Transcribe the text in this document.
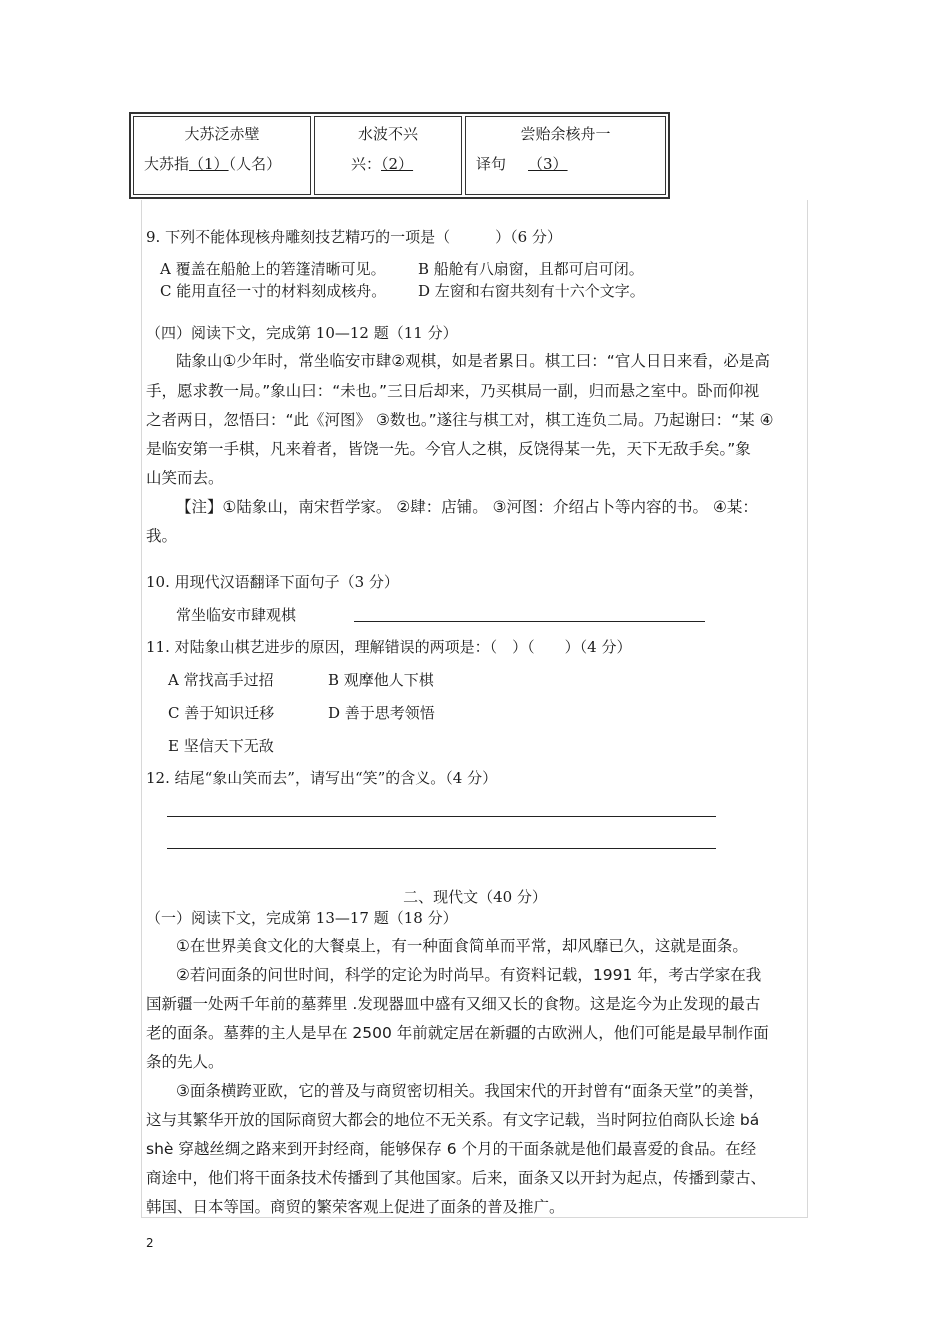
大苏泛赤壁
大苏指（1）（人名）
水波不兴
兴：（2）
尝贻余核舟一
译句 （3）
9. 下列不能体现核舟雕刻技艺精巧的一项是（　　　）（6 分）
A 覆盖在船舱上的箬篷清晰可见。 B 船舱有八扇窗，且都可启可闭。
C 能用直径一寸的材料刻成核舟。 D 左窗和右窗共刻有十六个文字。
（四）阅读下文，完成第 10—12 题（11 分）
陆象山①少年时，常坐临安市肆②观棋，如是者累日。棋工曰：“官人日日来看，必是高
手，愿求教一局。”象山曰：“未也。”三日后却来，乃买棋局一副，归而悬之室中。卧而仰视
之者两日，忽悟曰：“此《河图》 ③数也。”遂往与棋工对，棋工连负二局。乃起谢曰：“某 ④
是临安第一手棋，凡来着者，皆饶一先。今官人之棋，反饶得某一先，天下无敌手矣。”象
山笑而去。
【注】①陆象山，南宋哲学家。 ②肆：店铺。 ③河图：介绍占卜等内容的书。 ④某：
我。
10. 用现代汉语翻译下面句子（3 分）
常坐临安市肆观棋
11. 对陆象山棋艺进步的原因，理解错误的两项是：（　）（　　）（4 分）
A 常找高手过招	B 观摩他人下棋
C 善于知识迁移	D 善于思考领悟
E 坚信天下无敌
12. 结尾“象山笑而去”，请写出“笑”的含义。（4 分）
二、现代文（40 分）
（一）阅读下文，完成第 13—17 题（18 分）
①在世界美食文化的大餐桌上，有一种面食简单而平常，却风靡已久，这就是面条。
②若问面条的问世时间，科学的定论为时尚早。有资料记载，1991 年，考古学家在我
国新疆一处两千年前的墓葬里 .发现器皿中盛有又细又长的食物。这是迄今为止发现的最古
老的面条。墓葬的主人是早在 2500 年前就定居在新疆的古欧洲人，他们可能是最早制作面
条的先人。
③面条横跨亚欧，它的普及与商贸密切相关。我国宋代的开封曾有“面条天堂”的美誉，
这与其繁华开放的国际商贸大都会的地位不无关系。有文字记载，当时阿拉伯商队长途 bá
shè 穿越丝绸之路来到开封经商，能够保存 6 个月的干面条就是他们最喜爱的食品。在经
商途中，他们将干面条技术传播到了其他国家。后来，面条又以开封为起点，传播到蒙古、
韩国、日本等国。商贸的繁荣客观上促进了面条的普及推广。
2
